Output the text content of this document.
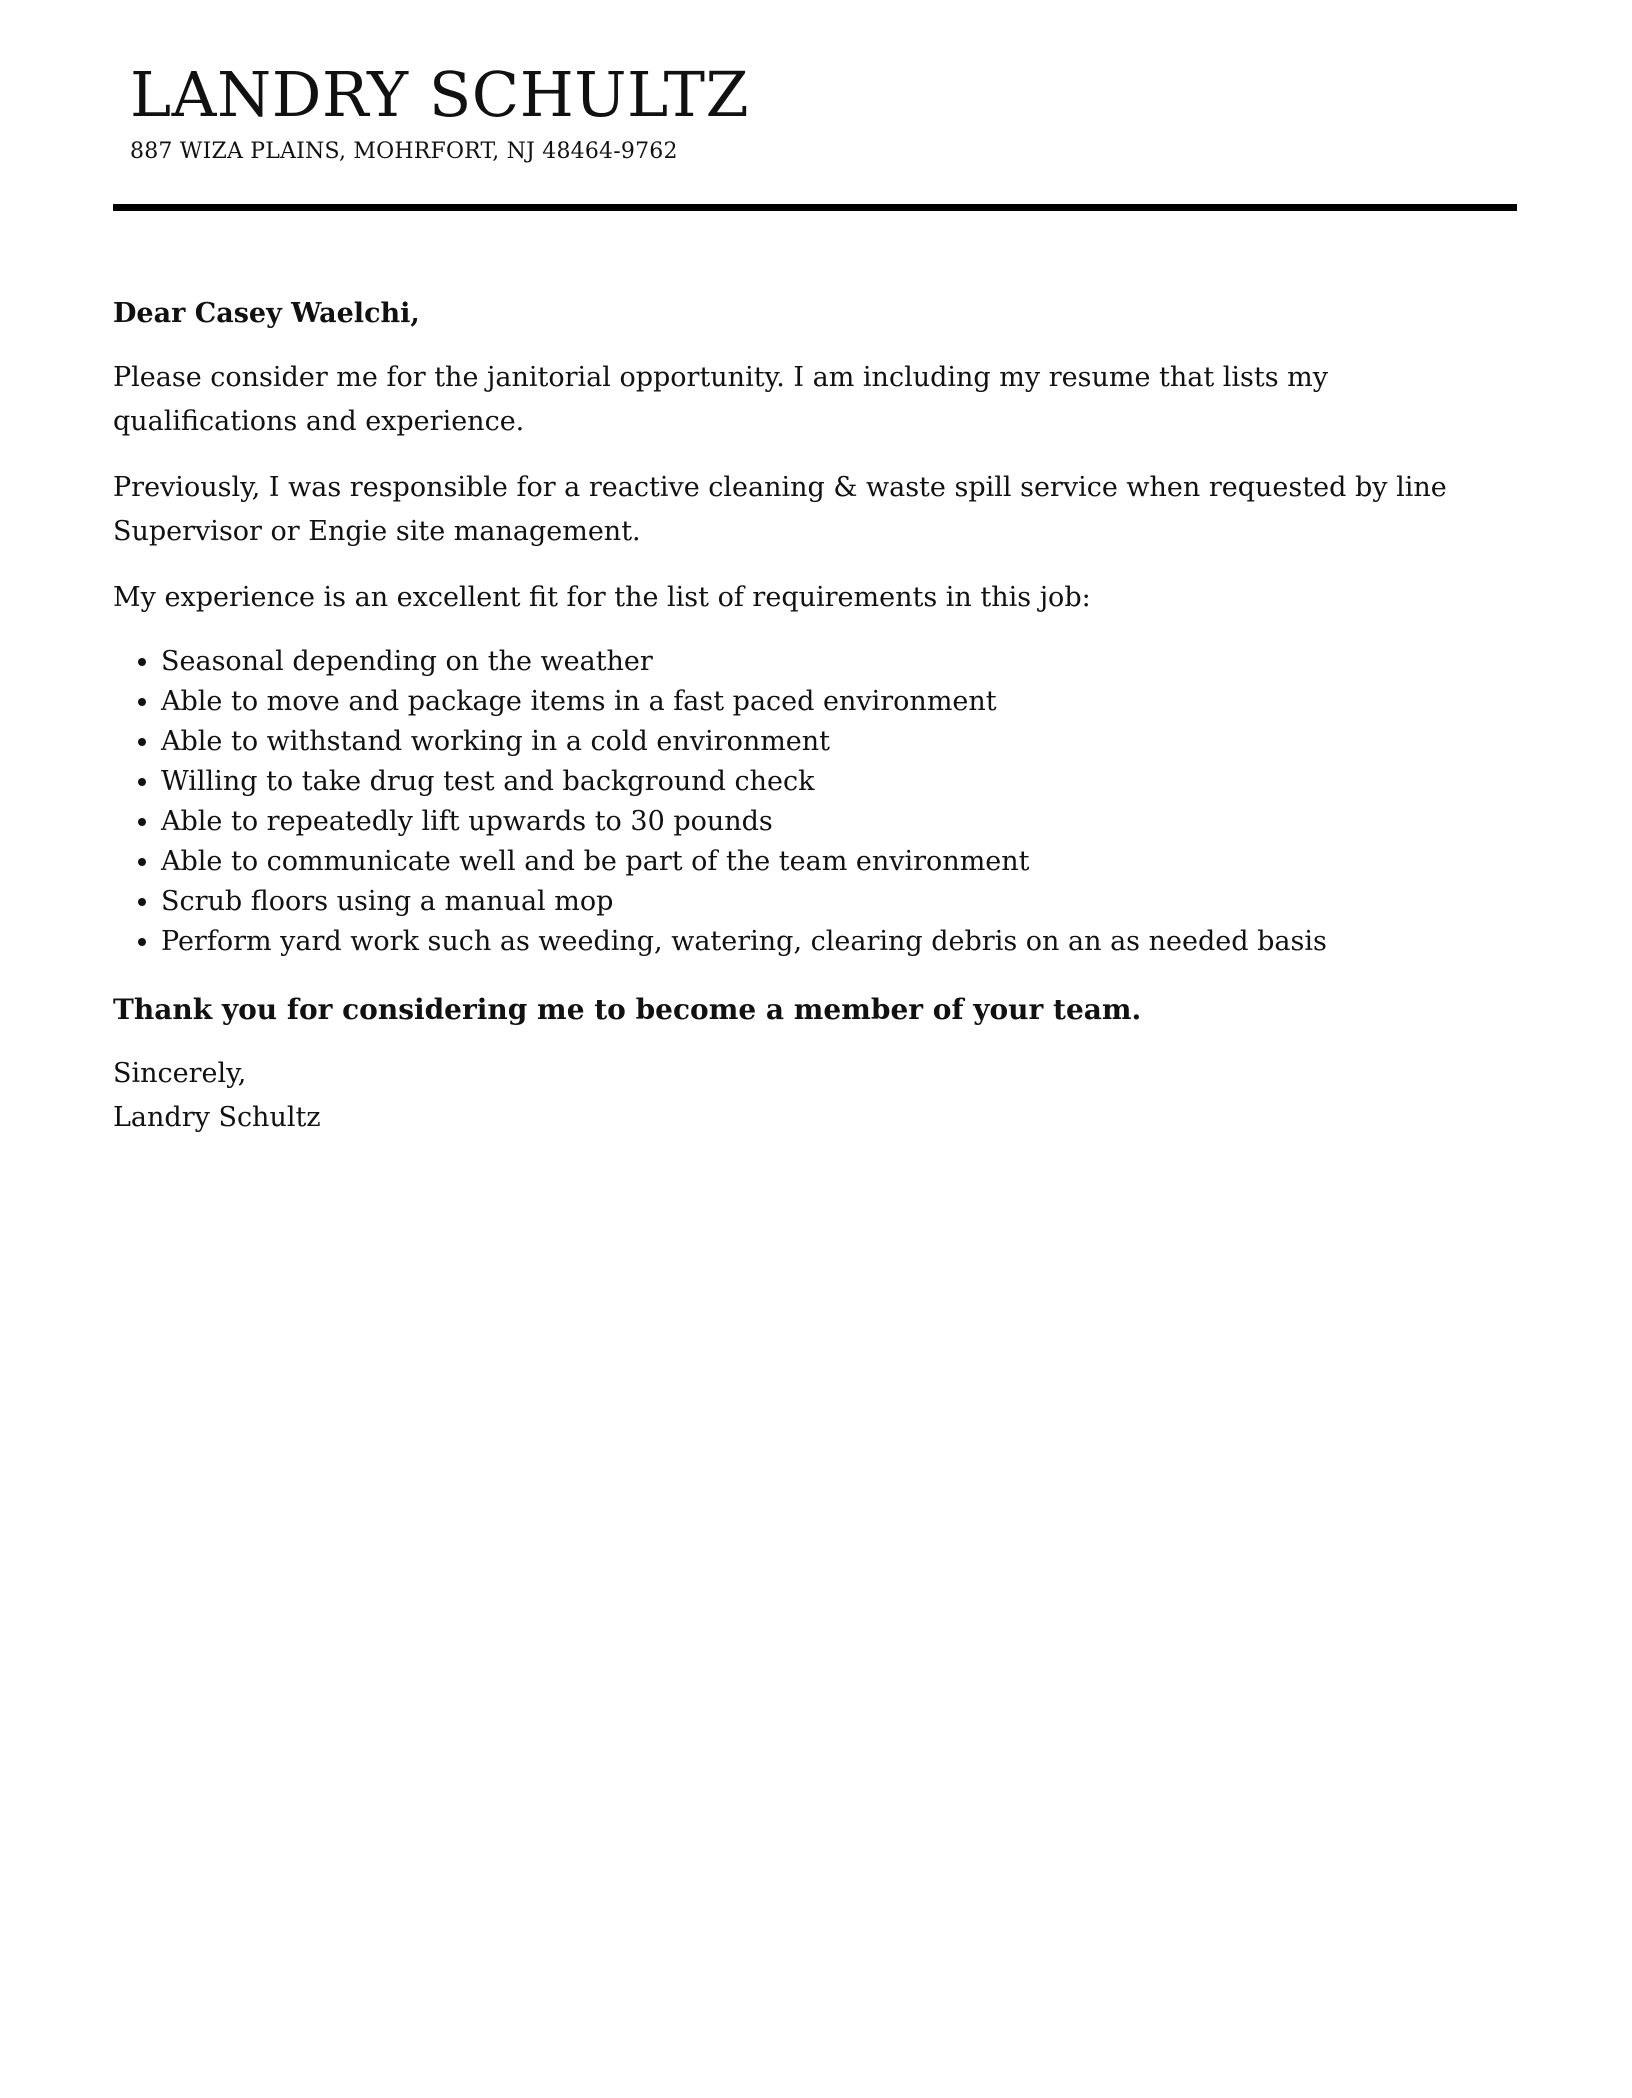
LANDRY SCHULTZ
887 WIZA PLAINS, MOHRFORT, NJ 48464-9762

Dear Casey Waelchi,

Please consider me for the janitorial opportunity. I am including my resume that lists my qualifications and experience.

Previously, I was responsible for a reactive cleaning & waste spill service when requested by line Supervisor or Engie site management.

My experience is an excellent fit for the list of requirements in this job:

• Seasonal depending on the weather
• Able to move and package items in a fast paced environment
• Able to withstand working in a cold environment
• Willing to take drug test and background check
• Able to repeatedly lift upwards to 30 pounds
• Able to communicate well and be part of the team environment
• Scrub floors using a manual mop
• Perform yard work such as weeding, watering, clearing debris on an as needed basis

Thank you for considering me to become a member of your team.

Sincerely,

Landry Schultz
